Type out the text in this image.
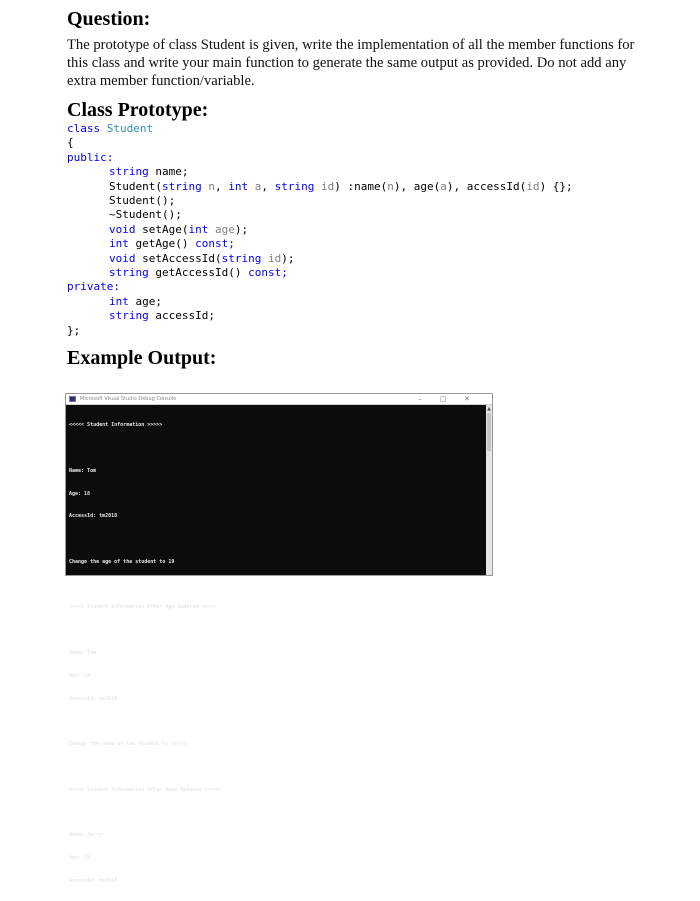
Question:
The prototype of class Student is given, write the implementation of all the member functions for
this class and write your main function to generate the same output as provided. Do not add any
extra member function/variable.
Class Prototype:
class Student
{
public:
string name;
Student(string n, int a, string id) :name(n), age(a), accessId(id) {};
Student();
~Student();
void setAge(int age);
int getAge() const;
void setAccessId(string id);
string getAccessId() const;
private:
int age;
string accessId;
};
Example Output:
Microsoft Visual Studio Debug Console	–	□ ✕

<<<<< Student Information >>>>>

Name: Tom

Age: 18

AccessId: tm2018

Change the age of the student to 19

<<<<< Student Information After Age Updated >>>>>

Name: Tom

Age: 19

AccessId: tm2018

Change the name of the student to Jerry

<<<<< Student Information After Name Updated >>>>>

Name: Jerry

Age: 19

AccessId: tm2018

▲
